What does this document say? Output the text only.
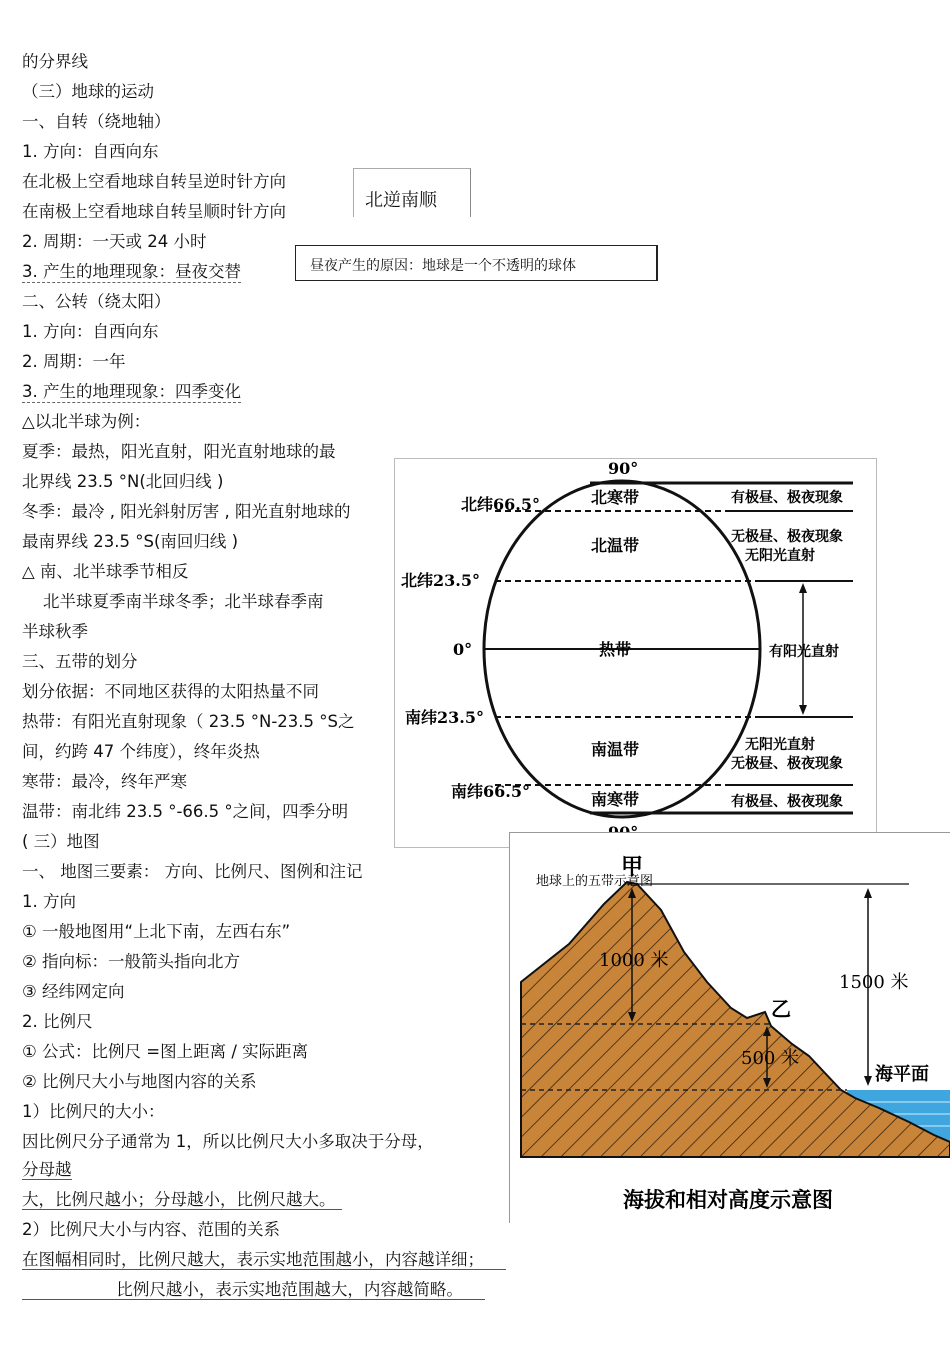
的分界线
（三）地球的运动
一、自转（绕地轴）
1. 方向：自西向东
在北极上空看地球自转呈逆时针方向
在南极上空看地球自转呈顺时针方向
2. 周期：一天或 24 小时
3. 产生的地理现象：昼夜交替
二、公转（绕太阳）
1. 方向：自西向东
2. 周期：一年
3. 产生的地理现象：四季变化
△以北半球为例：
夏季：最热，阳光直射，阳光直射地球的最
北界线 23.5 °N(北回归线 )
冬季：最冷 , 阳光斜射厉害 , 阳光直射地球的
最南界线 23.5 °S(南回归线 )
△ 南、北半球季节相反
北半球夏季南半球冬季；北半球春季南
半球秋季
三、五带的划分
划分依据：不同地区获得的太阳热量不同
热带：有阳光直射现象（ 23.5 °N-23.5 °S之
间，约跨 47 个纬度），终年炎热
寒带：最冷，终年严寒
温带：南北纬 23.5 °-66.5 °之间，四季分明
( 三）地图
一、 地图三要素： 方向、比例尺、图例和注记
1. 方向
① 一般地图用“上北下南，左西右东”
② 指向标：一般箭头指向北方
③ 经纬网定向
2. 比例尺
① 公式：比例尺 =图上距离 / 实际距离
② 比例尺大小与地图内容的关系
1）比例尺的大小：
因比例尺分子通常为 1，所以比例尺大小多取决于分母，
分母越
大，比例尺越小；分母越小，比例尺越大。
2）比例尺大小与内容、范围的关系
在图幅相同时，比例尺越大，表示实地范围越小，内容越详细；
比例尺越小，表示实地范围越大，内容越简略。
北逆南顺
昼夜产生的原因：地球是一个不透明的球体
90°
北纬66.5°
北纬23.5°
0°
南纬23.5°
南纬66.5°
北寒带
北温带
热带
南温带
南寒带
有极昼、极夜现象
无极昼、极夜现象
无阳光直射
有阳光直射
无阳光直射
无极昼、极夜现象
有极昼、极夜现象
甲
乙
1000 米
500 米
1500 米
海平面
海拔和相对高度示意图
地球上的五带示意图
